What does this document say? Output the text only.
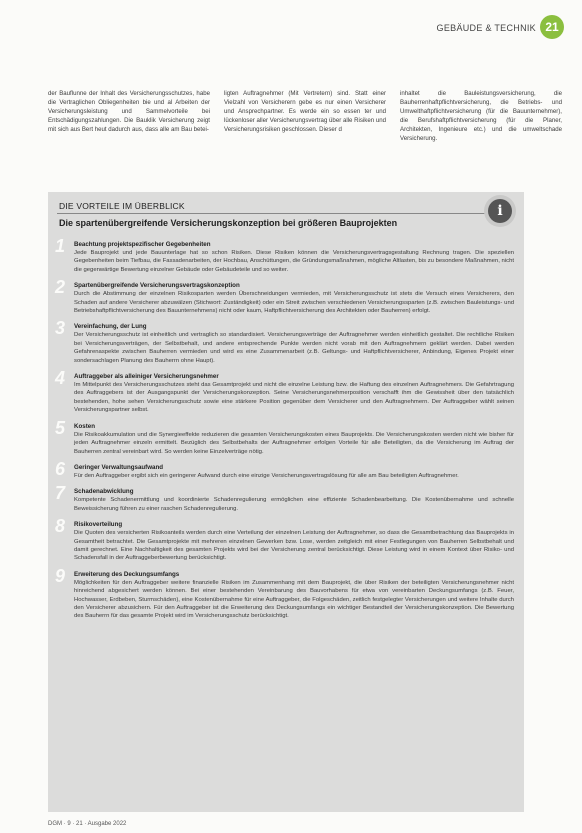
GEBÄUDE & TECHNIK 21
der Bauflunne der Inhalt des Versicherungsschutzes, habe die Vertraglichen Obliegenheiten bie und al Arbeiten der Versicherungsleistung und Sammelvorteile bei Entschädigungszahlungen. Die Bauklik Versicherung zeigt mit sich aus Bert heut dadurch aus, dass alle am Bau betei-
ligten Auftragnehmer (Mit Vertretern) sind. Statt einer Vielzahl von Versicherern gebe es nur einen Versicherer und Ansprechpartner. Es werde ein so essen ter und lückenloser aller Versicherungsvertrag über alle Risiken und Versicherungsrisiken geschlossen. Dieser d
inhaltet die Bauleistungsversicherung, die Bauherrenhaftpflichtversicherung, die Betriebs- und Umwelthaftpflichtversicherung (für die Bauunternehmer), die Berufshaftpflichtversicherung (für die Planer, Architekten, Ingenieure etc.) und die umweltschade Versicherung.
DIE VORTEILE IM ÜBERBLICK
Die spartenübergreifende Versicherungskonzeption bei größeren Bauprojekten
i
1 Beachtung projektspezifischer Gegebenheiten
Jede Bauprojekt und jede Bauunterlage hat so schon Risiken. Diese Risiken können die Versicherungsvertragsgestaltung Rechnung tragen. Die speziellen Gegebenheiten beim Tiefbau, die Fassadenarbeiten, der Hochbau, Anschüttungen, die Gründungsmaßnahmen, mögliche Altlasten, bis zu besondere Maßnahmen, nicht die gegenwärtige Bewertung einzelner Gebäude oder Gebäudeteile und so weiter.
2 Spartenübergreifende Versicherungsvertragskonzeption
Durch die Abstimmung der einzelnen Risikosparten werden Überschneidungen vermieden, mit Versicherungsschutz ist stets die Versuch eines Versicherers, den Schaden auf andere Versicherer abzuwälzen (Stichwort: Zuständigkeit) oder ein Streit zwischen verschiedenen Versicherungssparten (z.B. zwischen Bauleistungs- und Betriebshaftpflichtversicherung des Bauunternehmens) nicht oder kaum, Haftpflichtversicherung des Architekten oder Bauherren) erfolgt.
3 Vereinfachung, der Lung
Der Versicherungsschutz ist einheitlich und vertraglich so standardisiert. Versicherungsverträge der Auftragnehmer werden einheitlich gestaltet. Die rechtliche Risiken bei Versicherungsverträgen, der Selbstbehalt, und andere entsprechende Punkte werden nicht vorab mit den Auftragnehmern geklärt werden. Dabei werden Gefahrenaspekte zwischen Bauherren vermieden und wird es eine Zusammenarbeit (z.B. Geltungs- und Haftpflichtversicherer, Anbindung, Eigenes Projekt einer sondersachlagen Planung des Bauherrn ohne Haupt).
4 Auftraggeber als alleiniger Versicherungsnehmer
Im Mittelpunkt des Versicherungsschutzes steht das Gesamtprojekt und nicht die einzelne Leistung bzw. die Haftung des einzelnen Auftragnehmers. Die Gefahrtragung des Auftraggebers ist der Ausgangspunkt der Versicherungskonzeption. Seine Versicherungsnehmerposition verschafft ihm die Gewissheit über den tatsächlich bestehenden, hohe sehen Versicherungsschutz sowie eine stärkere Position gegenüber dem Versicherer und den Auftragnehmern. Der Auftraggeber wählt seinen Versicherungspartner selbst.
5 Kosten
Die Risikoakkumulation und die Synergieeffekte reduzieren die gesamten Versicherungskosten eines Bauprojekts. Die Versicherungskosten werden nicht wie bisher für jeden Auftragnehmer einzeln ermittelt. Bezüglich des Selbstbehalts der Auftragnehmer erfolgen Vorteile für alle Beteiligten, da die Versicherung im Auftrag der Bauherren zentral vereinbart wird. So werden keine Einzelverträge nötig.
6 Geringer Verwaltungsaufwand
Für den Auftraggeber ergibt sich ein geringerer Aufwand durch eine einzige Versicherungsvertragslösung für alle am Bau beteiligten Auftragnehmer.
7 Schadenabwicklung
Kompetente Schadenermittlung und koordinierte Schadenregulierung ermöglichen eine effiziente Schadenbearbeitung. Die Kostenübernahme und schnelle Beweissicherung führen zu einer raschen Schadenregulierung.
8 Risikoverteilung
Die Quoten des versicherten Risikoanteils werden durch eine Verteilung der einzelnen Leistung der Auftragnehmer, so dass die Gesamtbetrachtung das Bauprojekts in Gesamtheit betrachtet. Die Gesamtprojekte mit mehreren einzelnen Gewerken bzw. Lose, werden zeitgleich mit einer Festlegungen von Bauherren Selbstbehalt und damit gerechnet. Eine Nachhaltigkeit des gesamten Projekts wird bei der Versicherung zentral berücksichtigt. Diese Leistung wird in einem Kontext über Risiko- und Schadensfall in der Auftraggeberbewertung berücksichtigt.
9 Erweiterung des Deckungsumfangs
Möglichkeiten für den Auftraggeber weitere finanzielle Risiken im Zusammenhang mit dem Bauprojekt, die über Risiken der beteiligten Versicherungsnehmer nicht hinreichend abgesichert werden können. Bei einer bestehenden Vereinbarung des Bauvorhabens für etwa von vereinbarten Deckungsumfangs (z.B. Feuer, Hochwasser, Erdbeben, Sturmschäden), eine Kostenübernahme für eine Auftraggeber, die Folgeschäden, zeitlich festgelegter Versicherungen und weitere Inhalte durch den Versicherer abzusichern. Für den Auftraggeber ist die Erweiterung des Deckungsumfangs ein wichtiger Bestandteil der Versicherungskonzeption. Die Bewertung des Bauherrn für das gesamte Projekt wird im Versicherungsschutz berücksichtigt.
DGM · 9 · 21 · Ausgabe 2022
